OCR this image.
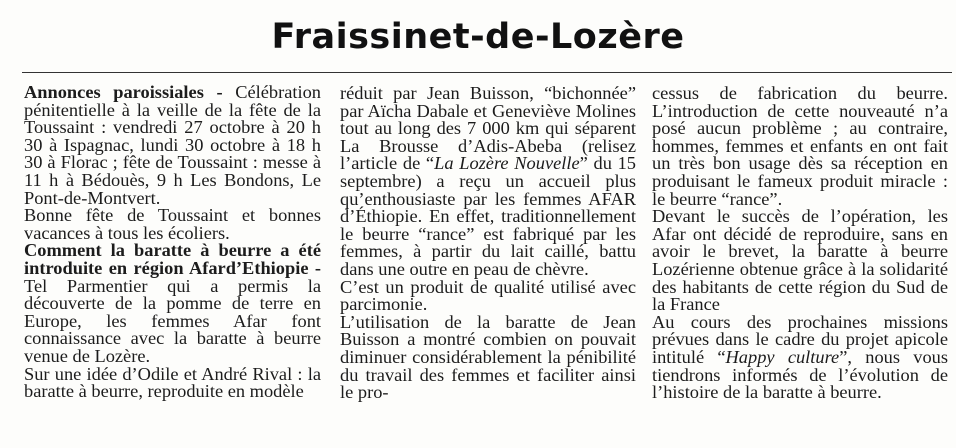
Fraissinet-de-Lozère

Annonces paroissiales - Célébration pénitentielle à la veille de la fête de la Toussaint : vendredi 27 octobre à 20 h 30 à Ispagnac, lundi 30 octobre à 18 h 30 à Florac ; fête de Toussaint : messe à 11 h à Bédouès, 9 h Les Bondons, Le Pont-de-Montvert.

Bonne fête de Toussaint et bonnes vacances à tous les écoliers.

Comment la baratte à beurre a été introduite en région Afard’Ethiopie - Tel Parmentier qui a permis la découverte de la pomme de terre en Europe, les femmes Afar font connaissance avec la baratte à beurre venue de Lozère.

Sur une idée d’Odile et André Rival : la baratte à beurre, reproduite en modèle

réduit par Jean Buisson, “bichonnée” par Aïcha Dabale et Geneviève Molines tout au long des 7 000 km qui séparent La Brousse d’Adis-Abeba (relisez l’article de “La Lozère Nouvelle” du 15 septembre) a reçu un accueil plus qu’enthousiaste par les femmes AFAR d’Éthiopie. En effet, traditionnellement le beurre “rance” est fabriqué par les femmes, à partir du lait caillé, battu dans une outre en peau de chèvre.

C’est un produit de qualité utilisé avec parcimonie.

L’utilisation de la baratte de Jean Buisson a montré combien on pouvait diminuer considérablement la pénibilité du travail des femmes et faciliter ainsi le pro-

cessus de fabrication du beurre. L’introduction de cette nouveauté n’a posé aucun problème ; au contraire, hommes, femmes et enfants en ont fait un très bon usage dès sa réception en produisant le fameux produit miracle : le beurre “rance”.

Devant le succès de l’opération, les Afar ont décidé de reproduire, sans en avoir le brevet, la baratte à beurre Lozérienne obtenue grâce à la solidarité des habitants de cette région du Sud de la France

Au cours des prochaines missions prévues dans le cadre du projet apicole intitulé “Happy culture”, nous vous tiendrons informés de l’évolution de l’histoire de la baratte à beurre.
